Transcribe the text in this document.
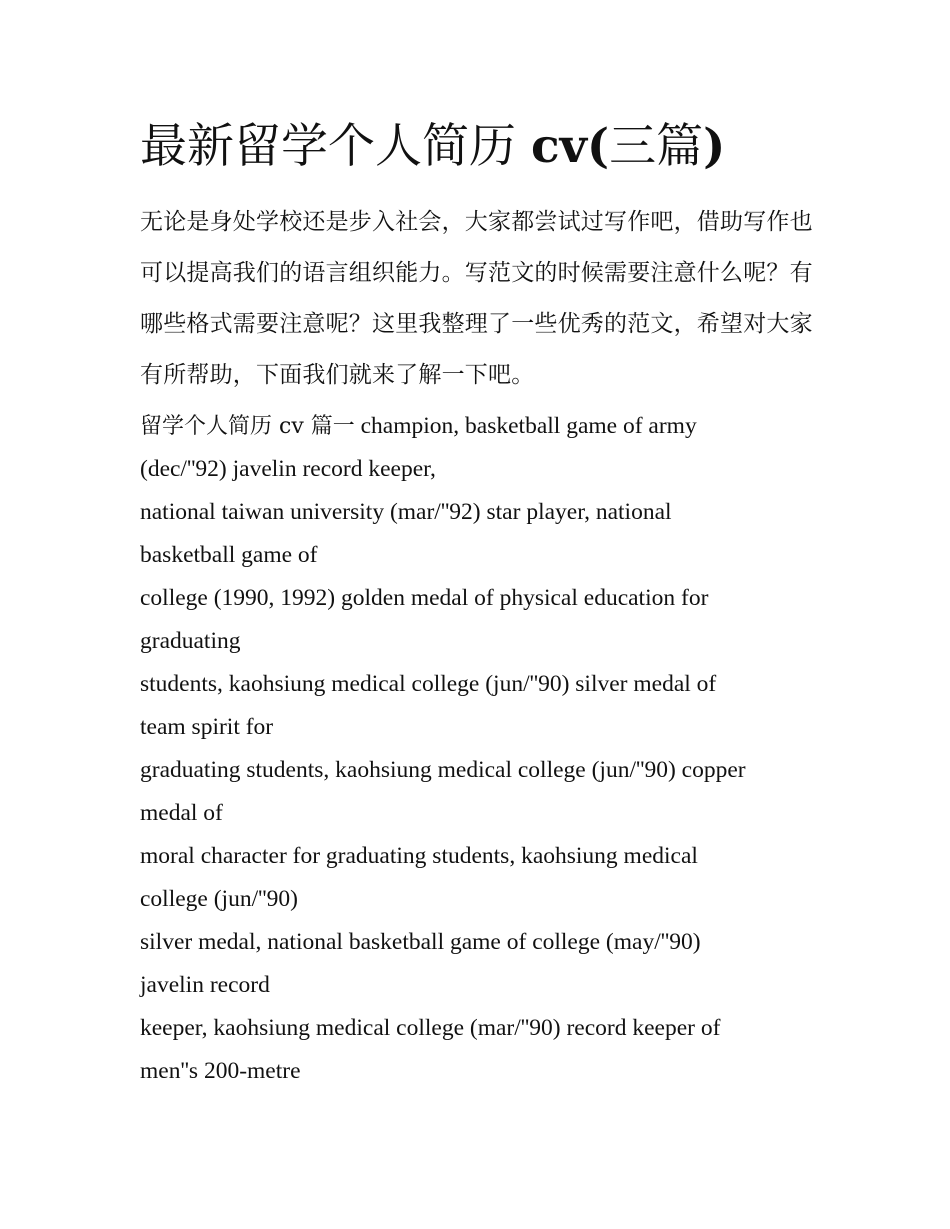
最新留学个人简历 cv(三篇)

无论是身处学校还是步入社会，大家都尝试过写作吧，借助写作也可以提高我们的语言组织能力。写范文的时候需要注意什么呢？有哪些格式需要注意呢？这里我整理了一些优秀的范文，希望对大家有所帮助，下面我们就来了解一下吧。

留学个人简历 cv 篇一 champion, basketball game of army
(dec/''92) javelin record keeper,
national taiwan university (mar/''92) star player, national
basketball game of
college (1990, 1992) golden medal of physical education for
graduating
students, kaohsiung medical college (jun/''90) silver medal of
team spirit for
graduating students, kaohsiung medical college (jun/''90) copper
medal of
moral character for graduating students, kaohsiung medical
college (jun/''90)
silver medal, national basketball game of college (may/''90)
javelin record
keeper, kaohsiung medical college (mar/''90) record keeper of
men''s 200-metre
